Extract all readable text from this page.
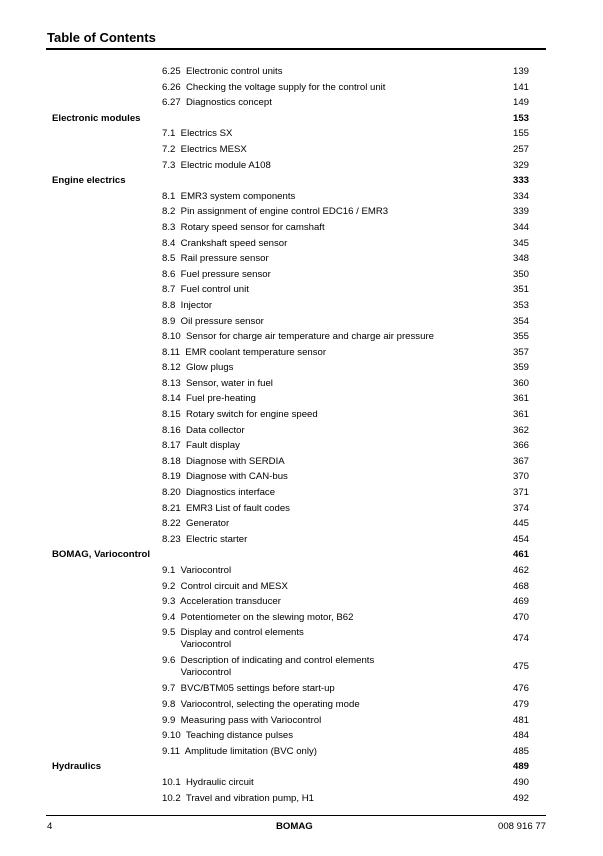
Table of Contents
6.25  Electronic control units	139
6.26  Checking the voltage supply for the control unit	141
6.27  Diagnostics concept	149
Electronic modules	153
7.1  Electrics SX	155
7.2  Electrics MESX	257
7.3  Electric module A108	329
Engine electrics	333
8.1  EMR3 system components	334
8.2  Pin assignment of engine control EDC16 / EMR3	339
8.3  Rotary speed sensor for camshaft	344
8.4  Crankshaft speed sensor	345
8.5  Rail pressure sensor	348
8.6  Fuel pressure sensor	350
8.7  Fuel control unit	351
8.8  Injector	353
8.9  Oil pressure sensor	354
8.10  Sensor for charge air temperature and charge air pressure	355
8.11  EMR coolant temperature sensor	357
8.12  Glow plugs	359
8.13  Sensor, water in fuel	360
8.14  Fuel pre-heating	361
8.15  Rotary switch for engine speed	361
8.16  Data collector	362
8.17  Fault display	366
8.18  Diagnose with SERDIA	367
8.19  Diagnose with CAN-bus	370
8.20  Diagnostics interface	371
8.21  EMR3 List of fault codes	374
8.22  Generator	445
8.23  Electric starter	454
BOMAG, Variocontrol	461
9.1  Variocontrol	462
9.2  Control circuit and MESX	468
9.3  Acceleration transducer	469
9.4  Potentiometer on the slewing motor, B62	470
9.5  Display and control elements
Variocontrol
474
9.6  Description of indicating and control elements
Variocontrol
475
9.7  BVC/BTM05 settings before start-up	476
9.8  Variocontrol, selecting the operating mode	479
9.9  Measuring pass with Variocontrol	481
9.10  Teaching distance pulses	484
9.11  Amplitude limitation (BVC only)	485
Hydraulics	489
10.1  Hydraulic circuit	490
10.2  Travel and vibration pump, H1	492
4	BOMAG	008 916 77
